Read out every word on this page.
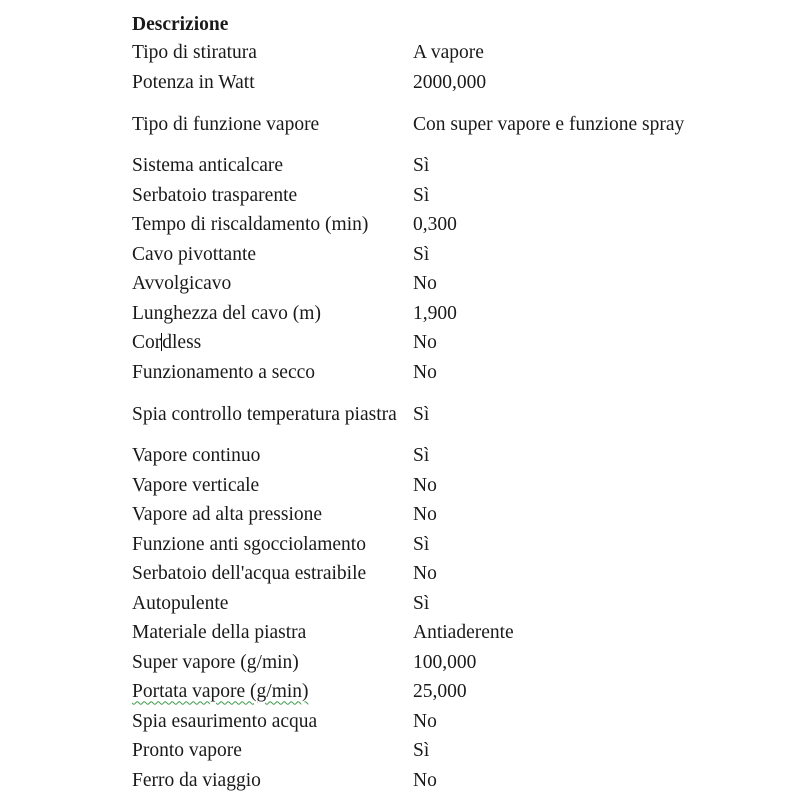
Descrizione
Tipo di stiratura	A vapore
Potenza in Watt	2000,000
Tipo di funzione vapore	Con super vapore e funzione spray
Sistema anticalcare	Sì
Serbatoio trasparente	Sì
Tempo di riscaldamento (min)	0,300
Cavo pivottante	Sì
Avvolgicavo	No
Lunghezza del cavo (m)	1,900
Cordless	No
Funzionamento a secco	No
Spia controllo temperatura piastra Sì
Vapore continuo	Sì
Vapore verticale	No
Vapore ad alta pressione	No
Funzione anti sgocciolamento	Sì
Serbatoio dell'acqua estraibile	No
Autopulente	Sì
Materiale della piastra	Antiaderente
Super vapore (g/min)	100,000
Portata vapore (g/min)	25,000
Spia esaurimento acqua	No
Pronto vapore	Sì
Ferro da viaggio	No
